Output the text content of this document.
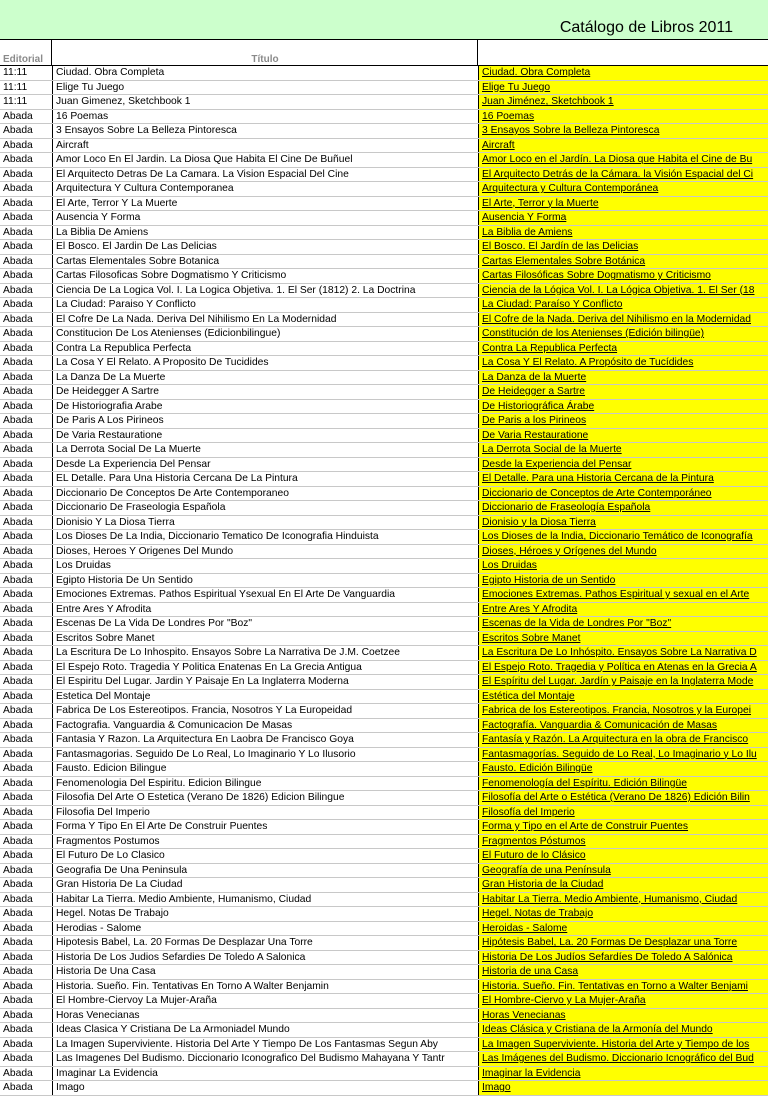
Catálogo de Libros 2011
Editorial	Título
11:11	Ciudad. Obra Completa	Ciudad. Obra Completa
11:11	Elige Tu Juego	Elige Tu Juego
11:11	Juan Gimenez, Sketchbook 1	Juan Jiménez, Sketchbook 1
Abada	16 Poemas	16 Poemas
Abada	3 Ensayos Sobre La Belleza Pintoresca	3 Ensayos Sobre la Belleza Pintoresca
Abada	Aircraft	Aircraft
Abada	Amor Loco En El Jardin. La Diosa Que Habita El Cine De Buñuel	Amor Loco en el Jardín. La Diosa que Habita el Cine de Bu
Abada	El Arquitecto Detras De La Camara. La Vision Espacial Del Cine	El Arquitecto Detrás de la Cámara. la Visión Espacial del Ci
Abada	Arquitectura Y Cultura Contemporanea	Arquitectura y Cultura Contemporánea
Abada	El Arte, Terror Y La Muerte	El Arte, Terror y la Muerte
Abada	Ausencia Y Forma	Ausencia Y Forma
Abada	La Biblia De Amiens	La Biblia de Amiens
Abada	El Bosco. El Jardin De Las Delicias	El Bosco. El Jardín de las Delicias
Abada	Cartas Elementales Sobre Botanica	Cartas Elementales Sobre Botánica
Abada	Cartas Filosoficas Sobre Dogmatismo Y Criticismo	Cartas Filosóficas Sobre Dogmatismo y Criticismo
Abada	Ciencia De La Logica Vol. I. La Logica Objetiva. 1. El Ser (1812) 2. La Doctrina	Ciencia de la Lógica Vol. I. La Lógica Objetiva. 1. El Ser (18
Abada	La Ciudad: Paraiso Y Conflicto	La Ciudad: Paraíso Y Conflicto
Abada	El Cofre De La Nada. Deriva Del Nihilismo En La Modernidad	El Cofre de la Nada. Deriva del Nihilismo en la Modernidad
Abada	Constitucion De Los Atenienses (Edicionbilingue)	Constitución de los Atenienses (Edición bilingüe)
Abada	Contra La Republica Perfecta	Contra La Republica Perfecta
Abada	La Cosa Y El Relato. A Proposito De Tucidides	La Cosa Y El Relato. A Propósito de Tucídides
Abada	La Danza De La Muerte	La Danza de la Muerte
Abada	De Heidegger A Sartre	De Heidegger a Sartre
Abada	De Historiografia Arabe	De Historiográfica Árabe
Abada	De Paris A Los Pirineos	De Paris a los Pirineos
Abada	De Varia Restauratione	De Varia Restauratione
Abada	La Derrota Social De La Muerte	La Derrota Social de la Muerte
Abada	Desde La Experiencia Del Pensar	Desde la Experiencia del Pensar
Abada	EL Detalle. Para Una Historia Cercana De La Pintura	El Detalle. Para una Historia Cercana de la Pintura
Abada	Diccionario De Conceptos De Arte Contemporaneo	Diccionario de Conceptos de Arte Contemporáneo
Abada	Diccionario De Fraseologia Española	Diccionario de Fraseología Española
Abada	Dionisio Y La Diosa Tierra	Dionisio y la Diosa Tierra
Abada	Los Dioses De La India, Diccionario Tematico De Iconografia Hinduista	Los Dioses de la India, Diccionario Temático de Iconografía
Abada	Dioses, Heroes Y Origenes Del Mundo	Dioses, Héroes y Orígenes del Mundo
Abada	Los Druidas	Los Druidas
Abada	Egipto Historia De Un Sentido	Egipto Historia de un Sentido
Abada	Emociones Extremas. Pathos Espiritual Ysexual En El Arte De Vanguardia	Emociones Extremas. Pathos Espiritual y sexual en el Arte
Abada	Entre Ares Y Afrodita	Entre Ares Y Afrodita
Abada	Escenas De La Vida De Londres Por "Boz"	Escenas de la Vida de Londres Por "Boz"
Abada	Escritos Sobre Manet	Escritos Sobre Manet
Abada	La Escritura De Lo Inhospito. Ensayos Sobre La Narrativa De J.M. Coetzee	La Escritura De Lo Inhóspito. Ensayos Sobre La Narrativa D
Abada	El Espejo Roto. Tragedia Y Politica Enatenas En La Grecia Antigua	El Espejo Roto. Tragedia y Política en Atenas en la Grecia A
Abada	El Espiritu Del Lugar. Jardin Y Paisaje En La Inglaterra Moderna	El Espíritu del Lugar. Jardín y Paisaje en la Inglaterra Mode
Abada	Estetica Del Montaje	Estética del Montaje
Abada	Fabrica De Los Estereotipos. Francia, Nosotros Y La Europeidad	Fabrica de los Estereotipos. Francia, Nosotros y la Europei
Abada	Factografia. Vanguardia & Comunicacion De Masas	Factografía. Vanguardia & Comunicación de Masas
Abada	Fantasia Y Razon. La Arquitectura En Laobra De Francisco Goya	Fantasía y Razón. La Arquitectura en la obra de Francisco
Abada	Fantasmagorias. Seguido De Lo Real, Lo Imaginario Y Lo Ilusorio	Fantasmagorías. Seguido de Lo Real, Lo Imaginario y Lo Ilu
Abada	Fausto. Edicion Bilingue	Fausto. Edición Bilingüe
Abada	Fenomenologia Del Espiritu. Edicion Bilingue	Fenomenología del Espíritu. Edición Bilingüe
Abada	Filosofia Del Arte O Estetica (Verano De 1826) Edicion Bilingue	Filosofía del Arte o Estética (Verano De 1826) Edición Bilin
Abada	Filosofia Del Imperio	Filosofía del Imperio
Abada	Forma Y Tipo En El Arte De Construir Puentes	Forma y Tipo en el Arte de Construir Puentes
Abada	Fragmentos Postumos	Fragmentos Póstumos
Abada	El Futuro De Lo Clasico	El Futuro de lo Clásico
Abada	Geografia De Una Peninsula	Geografía de una Península
Abada	Gran Historia De La Ciudad	Gran Historia de la Ciudad
Abada	Habitar La Tierra. Medio Ambiente, Humanismo, Ciudad	Habitar La Tierra. Medio Ambiente, Humanismo, Ciudad
Abada	Hegel. Notas De Trabajo	Hegel. Notas de Trabajo
Abada	Herodias - Salome	Heroidas - Salome
Abada	Hipotesis Babel, La. 20 Formas De Desplazar Una Torre	Hipótesis Babel, La. 20 Formas De Desplazar una Torre
Abada	Historia De Los Judios Sefardies De Toledo A Salonica	Historia De Los Judíos Sefardíes De Toledo A Salónica
Abada	Historia De Una Casa	Historia de una Casa
Abada	Historia. Sueño. Fin. Tentativas En Torno A Walter Benjamin	Historia. Sueño. Fin. Tentativas en Torno a Walter Benjami
Abada	El Hombre-Ciervoy La Mujer-Araña	El Hombre-Ciervo y La Mujer-Araña
Abada	Horas Venecianas	Horas Venecianas
Abada	Ideas Clasica Y Cristiana De La Armoniadel Mundo	Ideas Clásica y Cristiana de la Armonía del Mundo
Abada	La Imagen Superviviente. Historia Del Arte Y Tiempo De Los Fantasmas Segun Aby	La Imagen Superviviente. Historia del Arte y Tiempo de los
Abada	Las Imagenes Del Budismo. Diccionario Iconografico Del Budismo Mahayana Y Tantr	Las Imágenes del Budismo. Diccionario Icnográfico del Bud
Abada	Imaginar La Evidencia	Imaginar la Evidencia
Abada	Imago	Imago
